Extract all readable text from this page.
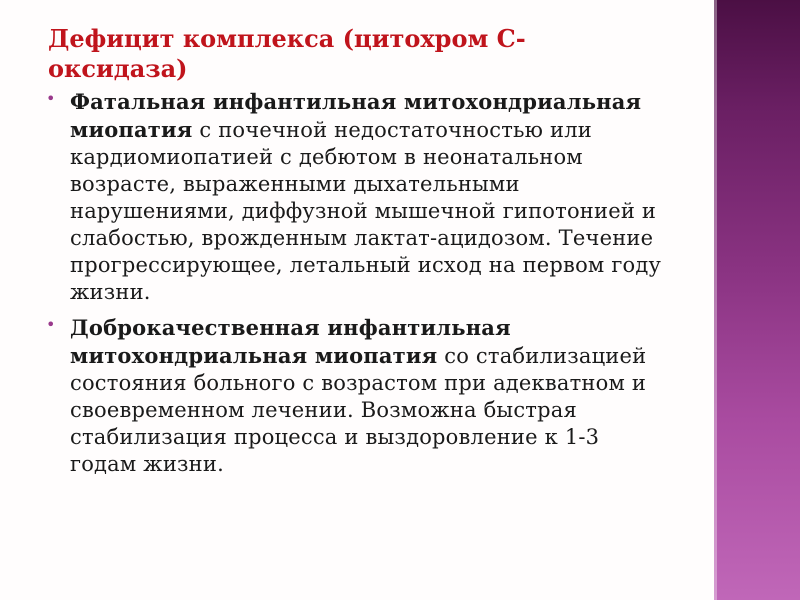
Дефицит комплекса (цитохром С-оксидаза)
• Фатальная инфантильная митохондриальная миопатия с почечной недостаточностью или кардиомиопатией с дебютом в неонатальном возрасте, выраженными дыхательными нарушениями, диффузной мышечной гипотонией и слабостью, врожденным лактат-ацидозом. Течение прогрессирующее, летальный исход на первом году жизни.
• Доброкачественная инфантильная митохондриальная миопатия со стабилизацией состояния больного с возрастом при адекватном и своевременном лечении. Возможна быстрая стабилизация процесса и выздоровление к 1-3 годам жизни.
